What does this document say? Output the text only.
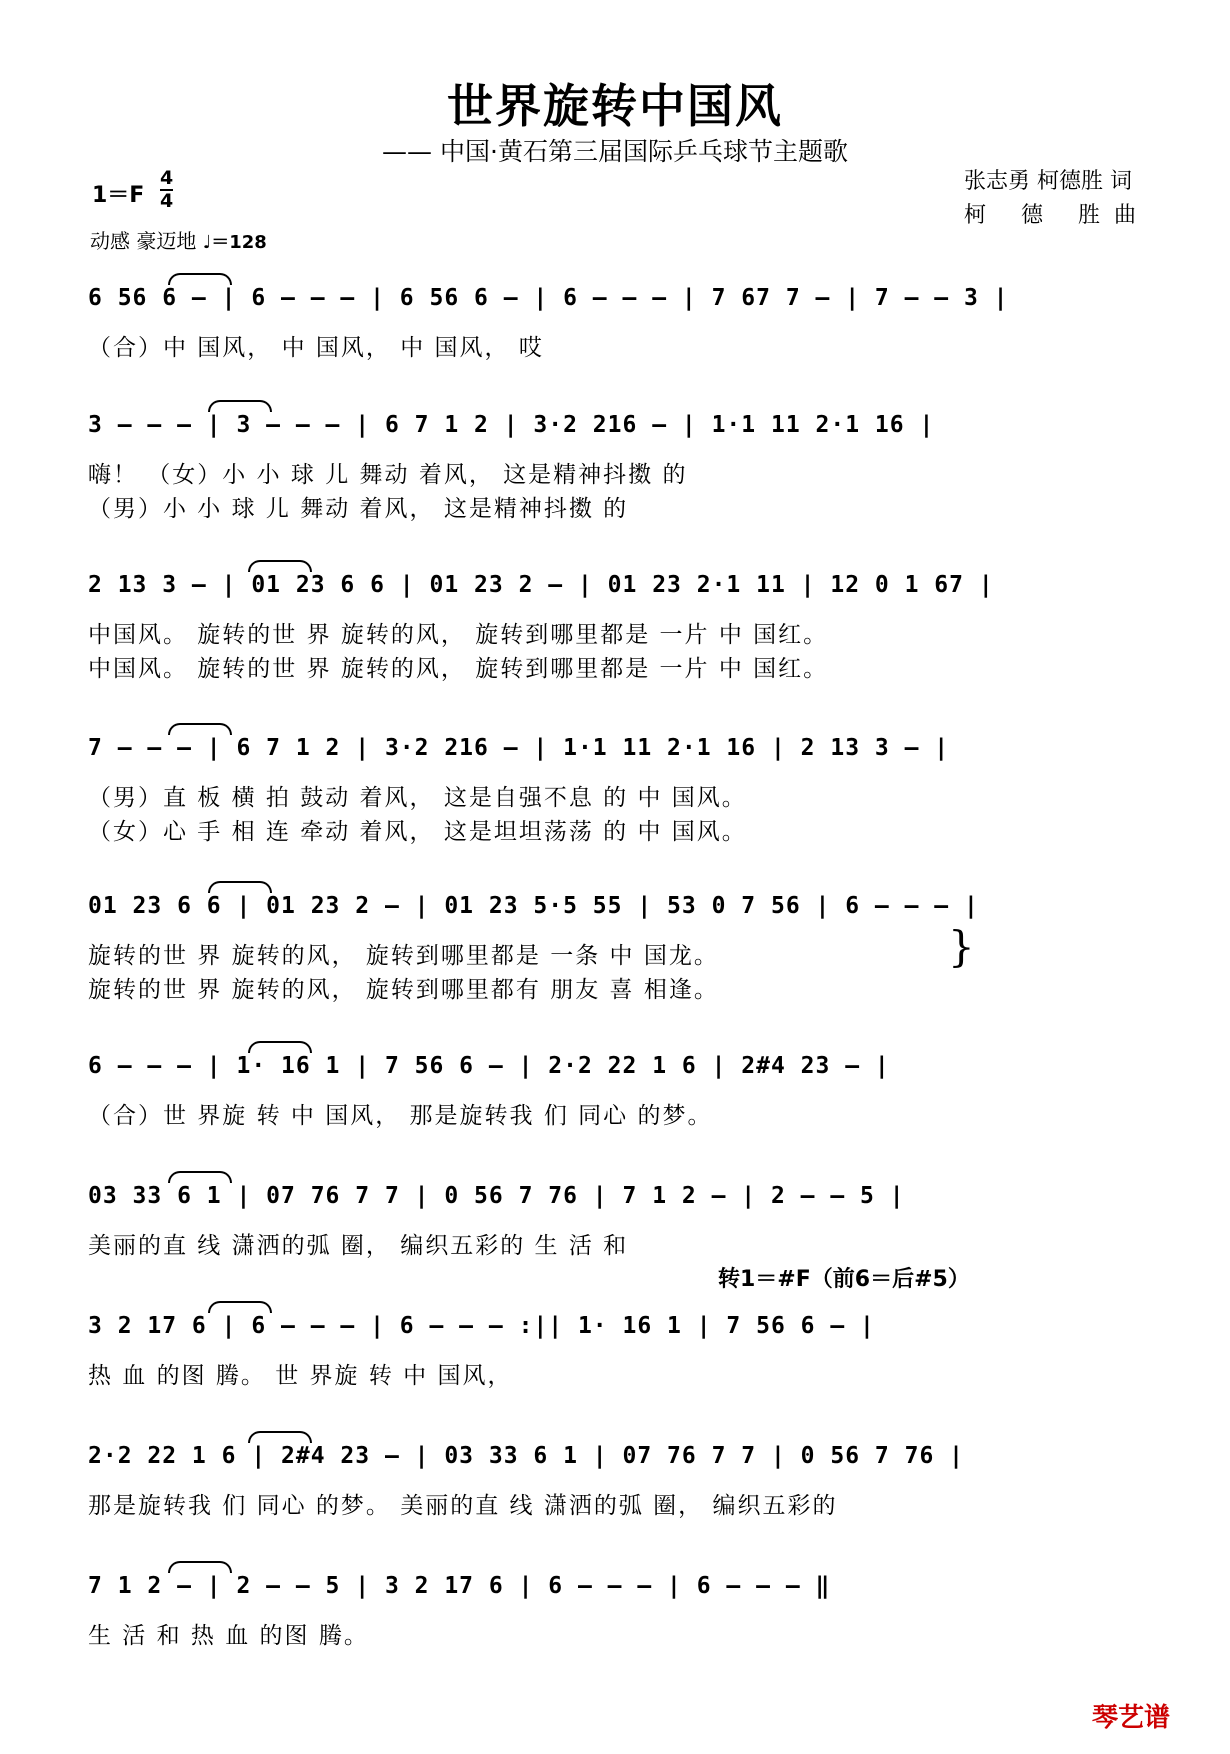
世界旋转中国风
—— 中国·黄石第三届国际乒乓球节主题歌
张志勇 柯德胜 词
柯 德 胜曲
1＝F
4
4
动感 豪迈地 ♩＝128
6 56 6 – | 6 – – – | 6 56 6 – | 6 – – – | 7 67 7 – | 7 – – 3 |
（合）中 国风， 中 国风， 中 国风， 哎
3 – – – | 3 – – – | 6 7 1 2 | 3·2 216 – | 1·1 11 2·1 16 |
嗨！ （女）小 小 球 儿 舞动 着风， 这是精神抖擞 的
（男）小 小 球 儿 舞动 着风， 这是精神抖擞 的
2 13 3 – | 01 23 6 6 | 01 23 2 – | 01 23 2·1 11 | 12 0 1 67 |
中国风。 旋转的世 界 旋转的风， 旋转到哪里都是 一片 中 国红。
中国风。 旋转的世 界 旋转的风， 旋转到哪里都是 一片 中 国红。
7 – – – | 6 7 1 2 | 3·2 216 – | 1·1 11 2·1 16 | 2 13 3 – |
（男）直 板 横 拍 鼓动 着风， 这是自强不息 的 中 国风。
（女）心 手 相 连 牵动 着风， 这是坦坦荡荡 的 中 国风。
01 23 6 6 | 01 23 2 – | 01 23 5·5 55 | 53 0 7 56 | 6 – – – |
旋转的世 界 旋转的风， 旋转到哪里都是 一条 中 国龙。
旋转的世 界 旋转的风， 旋转到哪里都有 朋友 喜 相逢。
6 – – – | 1· 16 1 | 7 56 6 – | 2·2 22 1 6 | 2#4 23 – |
（合）世 界旋 转 中 国风， 那是旋转我 们 同心 的梦。
03 33 6 1 | 07 76 7 7 | 0 56 7 76 | 7 1 2 – | 2 – – 5 |
美丽的直 线 潇洒的弧 圈， 编织五彩的 生 活 和
3 2 17 6 | 6 – – – | 6 – – – :|| 1· 16 1 | 7 56 6 – |
热 血 的图 腾。 世 界旋 转 中 国风，
2·2 22 1 6 | 2#4 23 – | 03 33 6 1 | 07 76 7 7 | 0 56 7 76 |
那是旋转我 们 同心 的梦。 美丽的直 线 潇洒的弧 圈， 编织五彩的
7 1 2 – | 2 – – 5 | 3 2 17 6 | 6 – – – | 6 – – – ‖
生 活 和 热 血 的图 腾。
转1＝#F（前6＝后#5）
}
琴艺谱
